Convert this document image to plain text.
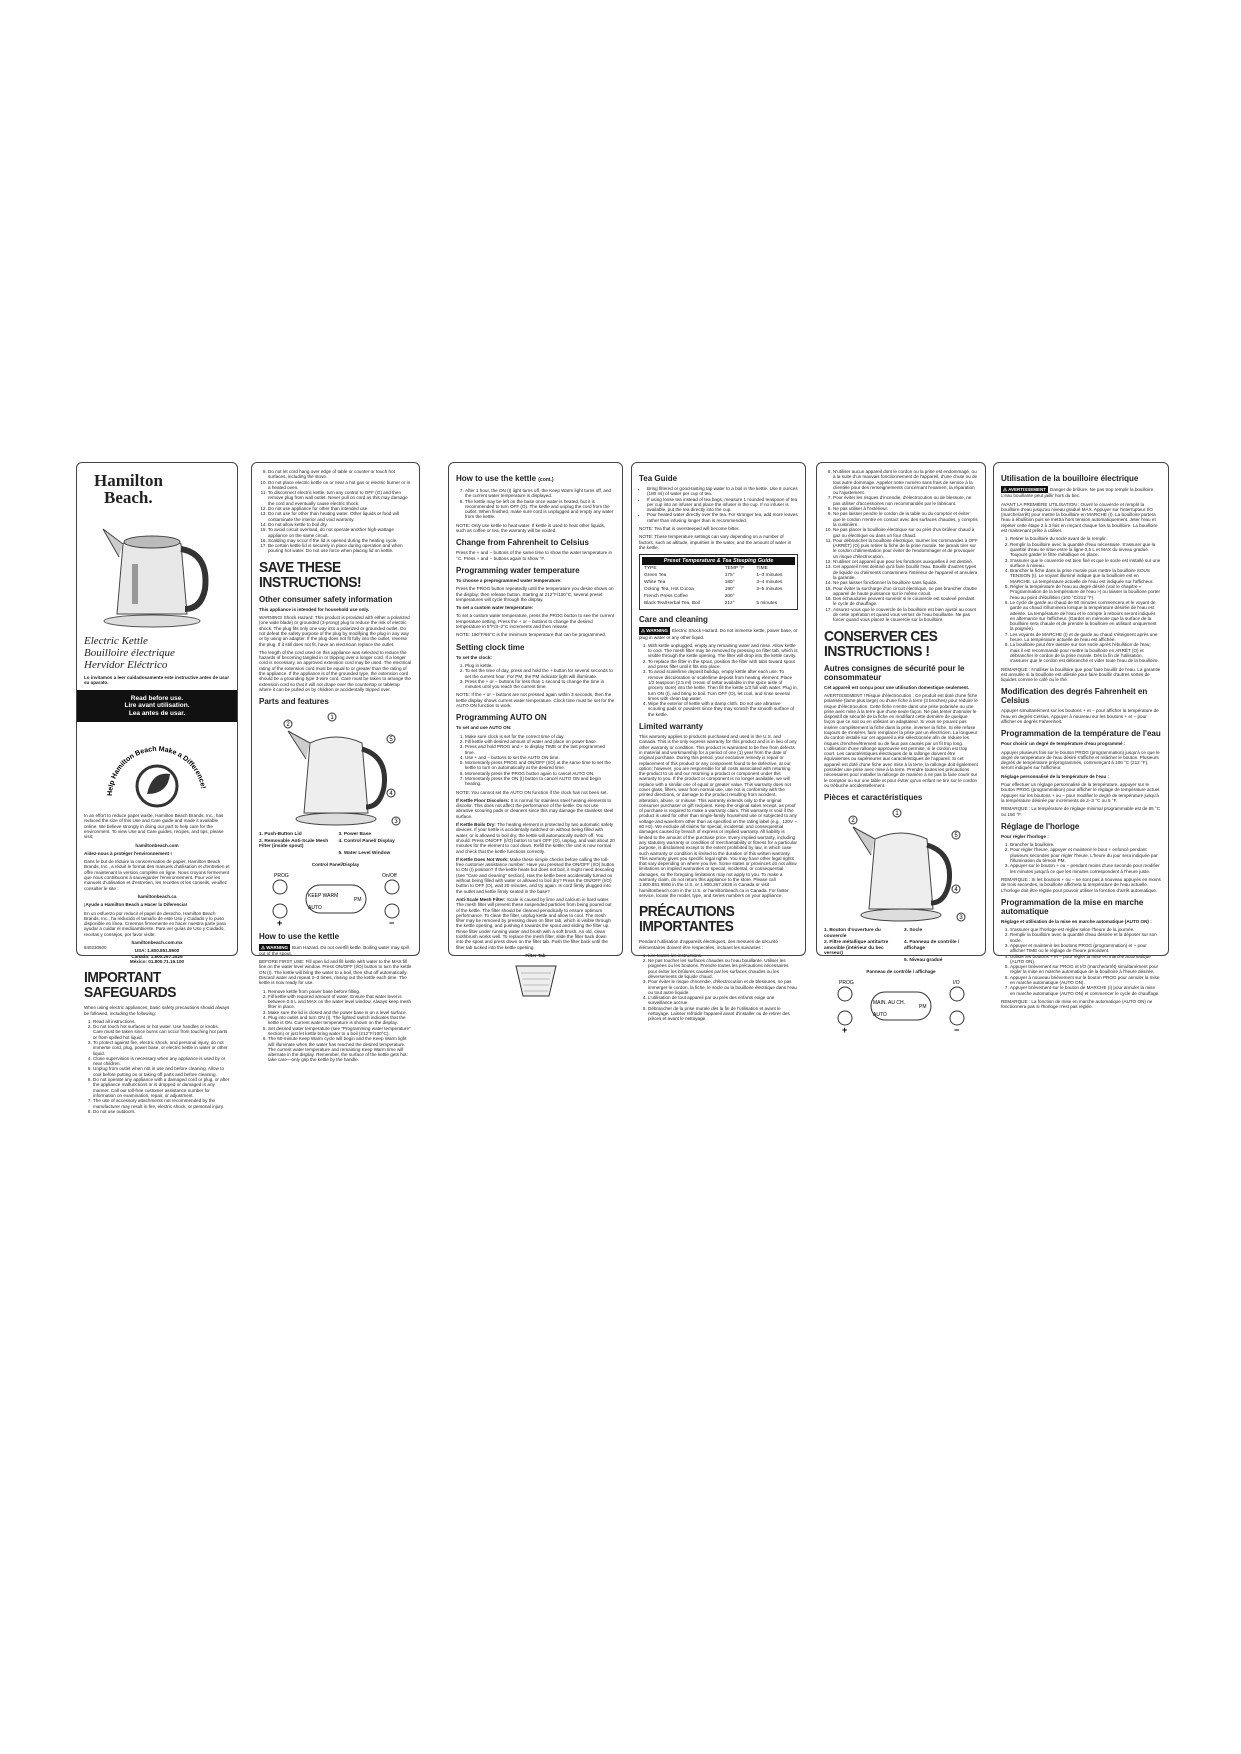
Hamilton
Beach.
Electric Kettle
Bouilloire électrique
Hervidor Eléctrico

Lo invitamos a leer cuidadosamente este instructive antes de usar su aparato.

Read before use.
Lire avant utilisation.
Lea antes de usar.
Help Hamilton Beach Make a Difference!

In an effort to reduce paper waste, Hamilton Beach Brands, Inc., has reduced the size of this Use and Care guide and made it available online. We believe strongly in doing our part to help care for the environment. To view Use and Care guides, recipes, and tips, please visit:

hamiltonbeach.com

Aidez-nous à protéger l'environnement !

Dans le but de réduire la consommation de papier, Hamilton Beach Brands, Inc., a réduit le format des manuels d'utilisation et d'entretien et offre maintenant la version complète en ligne. Nous croyons fermement que nous contribuons à sauvegarder l'environnement. Pour voir les manuels d'utilisation et d'entretien, les recettes et les conseils, veuillez consulter le site :

hamiltonbeach.ca

¡Ayude a Hamilton Beach a Hacer la Diferencia!

En un esfuerzo por reducir el papel de desecho, Hamilton Beach Brands, Inc., ha reducido el tamaño de este Uso y Cuidado y lo puso disponible en línea. Creemos firmemente en hacer nuestra parte para ayudar a cuidar el medioambiente. Para ver guías de Uso y Cuidado, recetas y consejos, por favor visite:

hamiltonbeach.com.mx

USA: 1.800.851.8900

Canada: 1.800.267.2826

México: 01.800.71.16.100

IMPORTANT SAFEGUARDS

When using electric appliances, basic safety precautions should always be followed, including the following:

1. Read all instructions.
2. Do not touch hot surfaces or hot water. Use handles or knobs. Care must be taken since burns can occur from touching hot parts or from spilled hot liquid.
3. To protect against fire, electric shock, and personal injury, do not immerse cord, plug, power base, or electric kettle in water or other liquid.
4. Close supervision is necessary when any appliance is used by or near children.
5. Unplug from outlet when not in use and before cleaning. Allow to cool before putting on or taking off parts and before cleaning.
6. Do not operate any appliance with a damaged cord or plug, or after the appliance malfunctions or is dropped or damaged in any manner. Call our toll-free customer assistance number for information on examination, repair, or adjustment.
7. The use of accessory attachments not recommended by the manufacturer may result in fire, electric shock, or personal injury.
8. Do not use outdoors.
840230600
9. Do not let cord hang over edge of table or counter or touch hot surfaces, including the stove.
10. Do not place electric kettle on or near a hot gas or electric burner or in a heated oven.
11. To disconnect electric kettle, turn any control to OFF (O) and then remove plug from wall outlet. Never pull on cord as this may damage the cord and eventually cause electric shock.
12. Do not use appliance for other than intended use.
13. Do not use for other than heating water. Other liquids or food will contaminate the interior and void warranty.
14. Do not allow kettle to boil dry.
15. To avoid circuit overload, do not operate another high-wattage appliance on the same circuit.
16. Scalding may occur if the lid is opened during the heating cycle.
17. Be certain kettle lid is securely in place during operation and when pouring hot water. Do not use force when placing lid on kettle.
SAVE THESE INSTRUCTIONS!
Other consumer safety information

This appliance is intended for household use only.

WARNING! Shock Hazard: This product is provided with either a polarized (one wide blade) or grounded (3-prong) plug to reduce the risk of electric shock. The plug fits only one way into a polarized or grounded outlet. Do not defeat the safety purpose of the plug by modifying the plug in any way or by using an adapter. If the plug does not fit fully into the outlet, reverse the plug. If it still does not fit, have an electrician replace the outlet.

The length of the cord used on this appliance was selected to reduce the hazards of becoming tangled in or tripping over a longer cord. If a longer cord is necessary, an approved extension cord may be used. The electrical rating of the extension cord must be equal to or greater than the rating of the appliance. If the appliance is of the grounded type, the extension cord should be a grounding type 3-wire cord. Care must be taken to arrange the extension cord so that it will not drape over the countertop or tabletop where it can be pulled on by children or accidentally tripped over.

Parts and features
1
2
5
4
3
1. Push-Button Lid	3. Power Base
2. Removable Anti-Scale Mesh Filter (inside spout)
4. Control Panel/ Display
5. Water Level Window
Control Panel/Display
PROG	On/Off
KEEP WARM
AUTO
PM
+	−
How to use the kettle

⚠ WARNING Burn Hazard. Do not overfill kettle. Boiling water may spill out of the spout.

BEFORE FIRST USE: Fill open lid and fill kettle with water to the MAX fill line on the water level window. Press ON/OFF (I/O) button to turn the kettle ON (I). The kettle will bring the water to a boil, then shut off automatically. Discard water and repeat 2–3 times, rinsing out the kettle each time. The kettle is now ready for use.

1. Remove kettle from power base before filling.
2. Fill kettle with required amount of water. Ensure that water level is between 0.5 L and MAX on the water level window. Always keep mesh filter in place.
3. Make sure the lid is closed and the power base is on a level surface.
4. Plug into outlet and turn ON (I). The lighted switch indicates that the kettle is ON. Current water temperature is shown on the display.
5. Set desired water temperature (see "Programming water temperature" section) or just let kettle bring water to a boil (212°F/100°C).
6. The 60-minute Keep Warm cycle will begin and the Keep Warm light will illuminate when the water has reached the desired temperature. The current water temperature and remaining Keep Warm time will alternate in the display. Remember, the surface of the kettle gets hot: take care—only grip the kettle by the handle.
How to use the kettle (cont.)
7. After 1 hour, the ON (I) light turns off, the Keep Warm light turns off, and the current water temperature is displayed.
8. The kettle may be left on the base once water is heated, but it is recommended to turn OFF (O). The kettle and unplug the cord from the outlet. When finished, make sure cord is unplugged and empty any water from the kettle.

NOTE: Only use kettle to heat water. If kettle is used to heat other liquids, such as coffee or tea, the warranty will be voided.

Change from Fahrenheit to Celsius

Press the + and − buttons of the same time to show the water temperature in °C. Press + and − buttons again to show °F.

Programming water temperature

To choose a preprogrammed water temperature:

Press the PROG button repeatedly until the temperature you desire shows on the display; then release button. Starting at 212°F/100°C, several preset temperatures will cycle through the display.

To set a custom water temperature:

To set a custom water temperature, press the PROG button to see the current temperature setting. Press the + or − buttons to change the desired temperature in 5°F/3–2°C increments and then release.

NOTE: 150°F/65°C is the minimum temperature that can be programmed.

Setting clock time

To set the clock:

1. Plug in kettle.
2. To set the time of day, press and hold the + button for several seconds to set the current hour. For PM, the PM indicator light will illuminate.
3. Press the + or − buttons for less than 1 second to change the time in minutes until you reach the current time.

NOTE: If the + or − buttons are not pressed again within 3 seconds, then the kettle display shows current water temperature. Clock time must be set for the AUTO ON function to work.

Programming AUTO ON

To set and use AUTO ON:

1. Make sure clock is set for the correct time of day.
2. Fill kettle with desired amount of water and place on power base.
3. Press and hold PROG and + to display TIME or the last programmed time.
4. Use + and − buttons to set the AUTO ON time.
5. Momentarily press PROG and ON/OFF (I/O) at the same time to set the kettle to turn on automatically at the desired time.
6. Momentarily press the PROG button again to cancel AUTO ON.
7. Momentarily press the ON (I) button to cancel AUTO ON and begin heating.

NOTE: You cannot set the AUTO ON function if the clock has not been set.

If Kettle Floor Discolors: It is normal for stainless steel heating elements to discolor. This does not affect the performance of the kettle. Do not use abrasive scouring pads or cleaners since this may damage the stainless steel surface.

If Kettle Boils Dry: The heating element is protected by two automatic safety devices. If your kettle is accidentally switched on without being filled with water, or is allowed to boil dry, the kettle will automatically switch off. You should: Press ON/OFF (I/O) button to turn OFF (O), unplug, and wait about 20 minutes for the element to cool down. Refill the kettle; the unit is now normal and check that the kettle functions correctly.

If Kettle Does Not Work: Make these simple checks before calling the toll-free customer assistance number: Have you pressed the ON/OFF (I/O) button to ON (I) position? If the kettle heats but does not boil, it might need descaling (see "Care and cleaning" section). Has the kettle been accidentally turned on without being filled with water or allowed to boil dry? Press the ON/OFF (I/O) button to OFF (O), wait 20 minutes, and try again. Is cord firmly plugged into the outlet and kettle firmly seated in the base?

Anti-Scale Mesh Filter: Scale is caused by lime and calcium in hard water. The mesh filter will prevent these suspended particles from being poured out of the kettle. The filter should be cleaned periodically to ensure optimum performance. To clean the filter, unplug kettle and allow to cool. The mesh filter may be removed by pressing down on filter tab, which is visible through the kettle opening, and pushing it towards the spout and sliding the filter up. Rinse filter under running water and brush with a soft brush. An old, clean toothbrush works well. To replace the mesh filter, slide the filter back down into the spout and press down on the filter tab. Push the filter back until the filter tab tucked into the kettle opening.

Filter Tab
Tea Guide
• Bring filtered or good-tasting tap water to a boil in the kettle. Use 6 ounces (180 ml) of water per cup of tea.
• If using loose tea instead of tea bags, measure 1 rounded teaspoon of tea per cup into an infuser and place the infuser in the cup. If no infuser is available, put the tea directly into the cup.
• Pour heated water directly over the tea. For stronger tea, add more leaves rather than infusing longer than is recommended.

NOTE: Tea that is oversteeped will become bitter.

NOTE: These temperature settings can vary depending on a number of factors, such as altitude, impurities in the water, and the amount of water in the kettle.

Preset Temperature & Tea Steeping Guide
TYPE	TEMP °F	TIME
Green Tea	175°	1–3 minutes
White Tea	180°	3–4 minutes
Oolong Tea, Hot Cocoa	190°	3–5 minutes
French Press Coffee	200°	
Black Tea/Herbal Tea, Boil	212°	5 minutes
Care and cleaning

⚠ WARNING Electric Shock Hazard. Do not immerse kettle, power base, or plug in water or any other liquid.

1. With kettle unplugged, empty any remaining water and rinse. Allow kettle to cool. The mesh filter may be removed by pressing on filter tab, which is visible through the kettle opening. The filter will drop into the kettle cavity.
2. To replace the filter in the spout, position the filter with tabs toward spout and press filter until it fits into place.
3. To avoid scale/lime deposit buildup, empty kettle after each use. To remove discoloration or scale/lime deposit from heating element: Place 1/2 teaspoon (2.5 ml) cream of tartar available in the spice aisle of grocery store) into the kettle. Then fill the kettle 1/3 full with water. Plug in, turn ON (I), and bring to boil. Turn OFF (O), let cool, and rinse several times with clean tap water.
4. Wipe the exterior of kettle with a damp cloth. Do not use abrasive scouring pads or powders since they may scratch the smooth surface of the kettle.
Limited warranty

This warranty applies to products purchased and used in the U.S. and Canada. This is the only express warranty for this product and is in lieu of any other warranty or condition. This product is warranted to be free from defects in material and workmanship for a period of one (1) year from the date of original purchase. During this period, your exclusive remedy is repair or replacement of this product or any component found to be defective, at our option; however, you are responsible for all costs associated with returning the product to us and our returning a product or component under this warranty to you. If the product or component is no longer available, we will replace with a similar one of equal or greater value. This warranty does not cover glass, filters, wear from normal use, use not in conformity with the printed directions, or damage to the product resulting from accident, alteration, abuse, or misuse. This warranty extends only to the original consumer purchaser or gift recipient. Keep the original sales receipt, as proof of purchase is required to make a warranty claim. This warranty is void if the product is used for other than single-family household use or subjected to any voltage and waveform other than as specified on the rating label (e.g., 120V ~ 60 Hz). We exclude all claims for special, incidental, and consequential damages caused by breach of express or implied warranty. All liability is limited to the amount of the purchase price. Every implied warranty, including any statutory warranty or condition of merchantability or fitness for a particular purpose, is disclaimed except to the extent prohibited by law, in which case such warranty or condition is limited to the duration of this written warranty. This warranty gives you specific legal rights. You may have other legal rights that vary depending on where you live. Some states or provinces do not allow limitations on implied warranties or special, incidental, or consequential damages, so the foregoing limitations may not apply to you. To make a warranty claim, do not return this appliance to the store. Please call 1.800.851.8900 in the U.S. or 1.800.267.2826 in Canada or visit hamiltonbeach.com in the U.S. or hamiltonbeach.ca in Canada. For faster service, locate the model, type, and series numbers on your appliance.

PRÉCAUTIONS IMPORTANTES

Pendant l'utilisation d'appareils électriques, des mesures de sécurité élémentaires doivent être respectées, incluant les suivantes :

1. Lire toutes les instructions.
2. Ne pas toucher les surfaces chaudes ou l'eau bouillante. Utiliser les poignées ou les boutons. Prendre toutes les précautions nécessaires pour éviter les brûlures causées par les surfaces chaudes ou les déversements de liquide chaud.
3. Pour éviter le risque d'incendie, d'électrocution et de blessures, ne pas immerger le cordon, la fiche, le socle ou la bouilloire électrique dans l'eau ou tout autre liquide.
4. L'utilisation de tout appareil par ou près des enfants exige une surveillance accrue.
5. Débrancher de la prise murale dès la fin de l'utilisation et avant le nettoyage. Laisser refroidir l'appareil avant d'installer ou de retirer des pièces et avant le nettoyage.
6. N'utiliser aucun appareil dont le cordon ou la prise est endommagé, ou à la suite d'un mauvais fonctionnement de l'appareil, d'une chute ou de tout autre dommage. Appeler notre numéro sans frais de service à la clientèle pour des renseignements concernant l'examen, la réparation ou l'ajustement.
7. Pour éviter les risques d'incendie, d'électrocution ou de blessure, ne pas utiliser d'accessoires non recommandés par le fabricant.
8. Ne pas utiliser à l'extérieur.
9. Ne pas laisser pendre le cordon de la table ou du comptoir et éviter que le cordon n'entre en contact avec des surfaces chaudes, y compris la cuisinière.
10. Ne pas placer la bouilloire électrique sur ou près d'un brûleur chaud à gaz ou électrique ou dans un four chaud.
11. Pour débrancher la bouilloire électrique, tourner les commandes à OFF (ARRÊT) (O) puis retirer la fiche de la prise murale. Ne jamais tirer sur le cordon d'alimentation pour éviter de l'endommager et de provoquer un risque d'électrocution.
12. N'utiliser cet appareil que pour les fonctions auxquelles il est destiné.
13. Cet appareil n'est destiné qu'à faire bouillir l'eau. Bouillir d'autres types de liquide ou d'aliments contaminera l'intérieur de l'appareil et annulera la garantie.
14. Ne pas laisser fonctionner la bouilloire sans liquide.
15. Pour éviter la surcharge d'un circuit électrique, ne pas brancher d'autre appareil de haute puissance sur le même circuit.
16. Des échaudures peuvent survenir si le couvercle est soulevé pendant le cycle de chauffage.
17. Assurez-vous que le couvercle de la bouilloire est bien ajusté au cours de cette opération et quand vous versez de l'eau bouillante. Ne pas forcer quand vous placez le couvercle sur la bouilloire.
CONSERVER CES INSTRUCTIONS !
Autres consignes de sécurité pour le consommateur

Cet appareil est conçu pour une utilisation domestique seulement.

AVERTISSEMENT ! Risque d'électrocution : Ce produit est doté d'une fiche polarisée (lame plus large) ou d'une fiche à terre (3 broches) pour réduire le risque d'électrocution. Cette fiche n'entre dans une prise polarisée ou une prise avec mise à la terre que d'une seule façon. Ne pas tenter d'annuler le dispositif de sécurité de la fiche en modifiant cette dernière de quelque façon que ce soit ou en utilisant un adaptateur. Si vous ne pouvez pas insérer complètement la fiche dans la prise, inverser la fiche. Si elle refuse toujours de s'insérer, faire remplacer la prise par un électricien. La longueur du cordon installé sur cet appareil a été sélectionnée afin de réduire les risques d'enchevêtrement ou de faux pas causés par un fil trop long. L'utilisation d'une rallonge approuvée est permise, si le cordon est trop court. Les caractéristiques électriques de la rallonge doivent être équivalentes ou supérieures aux caractéristiques de l'appareil. Si cet appareil est doté d'une fiche avec mise à la terre, la rallonge doit également posséder une prise avec mise à la terre. Prendre toutes les précautions nécessaires pour installer la rallonge de manière à ne pas la faire courir sur le comptoir ou sur une table et pour éviter qu'un enfant ne tire sur le cordon ou trébuche accidentellement.

Pièces et caractéristiques
1
2
5
4
3
1. Bouton d'ouverture du couvercle
3. Socle
2. Filtre métallique antitartre amovible (intérieur du bec verseur)
4. Panneau de contrôle / affichage
5. Niveau gradué
Panneau de contrôle / affichage
PROG	I/O
MAIN. AU CH.
AUTO
PM
+	−
Utilisation de la bouilloire électrique

⚠ AVERTISSEMENT Danger de brûlure. Ne pas trop remplir la bouilloire. L'eau bouillante peut jaillir hors du bec.

AVANT LA PREMIÈRE UTILISATION : Ouvrir le couvercle et remplir la bouilloire d'eau jusqu'au niveau gradué MAX. Appuyer sur l'interrupteur I/O (marche/arrêt) pour mettre la bouilloire en MARCHE (I). La bouilloire portera l'eau à ébullition puis se mettra hors tension automatiquement. Jeter l'eau et répéter cette étape 2 à 3 fois en rinçant chaque fois la bouilloire. La bouilloire est maintenant prête à utiliser.

1. Retirer la bouilloire du socle avant de la remplir.
2. Remplir la bouilloire avec la quantité d'eau nécessaire. S'assurer que la quantité d'eau se situe entre la ligne 0,5 L et MAX du niveau gradué. Toujours garder le filtre métallique en place.
3. S'assurer que le couvercle est bien fixé et que le socle est installé sur une surface à niveau.
4. Brancher la fiche dans la prise murale puis mettre la bouilloire SOUS TENSION (I). Le voyant illuminé indique que la bouilloire est en MARCHE. La température actuelle de l'eau est indiquée sur l'afficheur.
5. Régler la température de l'eau au degré désiré (voir le chapitre « Programmation de la température de l'eau ») ou laisser la bouilloire porter l'eau au point d'ébullition (100 °C/212 °F).
6. Le cycle de garde au chaud de 60 minutes commencera et le voyant de garde au chaud s'illuminera lorsque la température désirée de l'eau est atteinte. La température de l'eau et le compte à rebours seront indiqués en alternance sur l'afficheur. (Garder en mémoire que la surface de la bouilloire sera chaude et de prendre la bouilloire en utilisant uniquement la poignée).
7. Les voyants de MARCHE (I) et de garde au chaud s'éteignent après une heure. La température actuelle de l'eau est affichée.
8. La bouilloire peut être laissée sur son socle après l'ébullition de l'eau; mais il est recommandé pour mettre la bouilloire en ARRÊT (O) et débrancher le cordon de la prise murale. Dès la fin de l'utilisation, s'assurer que le cordon est débranché et vider toute l'eau de la bouilloire.

REMARQUE : N'utiliser la bouilloire que pour faire bouillir de l'eau. La garantie est annulée si la bouilloire est utilisée pour faire bouillir d'autres sortes de liquides comme le café ou le thé.

Modification des degrés Fahrenheit en Celsius

Appuyer simultanément sur les boutons + et − pour afficher la température de l'eau en degrés Celsius. Appuyer à nouveau sur les boutons + et − pour afficher en degrés Fahrenheit.

Programmation de la température de l'eau

Pour choisir un degré de température d'eau programmé :

Appuyer plusieurs fois sur le bouton PROG (programmation) jusqu'à ce que le degré de température de l'eau désiré s'affiche et relâcher le bouton. Plusieurs degrés de température préprogrammés, commençant à 100 °C (212 °F), seront indiqués sur l'afficheur.

Réglage personnalisé de la température de l'eau :

Pour effectuer un réglage personnalisé de la température, appuyer sur le bouton PROG (programmation) pour afficher le réglage de température actuel. Appuyer sur les boutons + ou − pour modifier le degré de température jusqu'à la température désirée par incréments de 2–3 °C ou 5 °F.

REMARQUE : La température de réglage minimal programmable est de 65 °C ou 150 °F.

Réglage de l'horloge

Pour régler l'horloge :

1. Brancher la bouilloire.
2. Pour régler l'heure, appuyer et maintenir le bout + enfoncé pendant plusieurs secondes pour régler l'heure. L'heure du jour sera indiquée par l'illumination du témoin PM.
3. Appuyer sur le bouton + ou − pendant moins d'une seconde pour modifier les minutes jusqu'à ce que les minutes correspondent à l'heure juste.

REMARQUE : Si les boutons + ou − ne sont pas à nouveau appuyés en moins de trois secondes, la bouilloire affichera la température de l'eau actuelle. L'horloge doit être réglée pour pouvoir utiliser la fonction d'arrêt automatique.

Programmation de la mise en marche automatique

Réglage et utilisation de la mise en marche automatique (AUTO ON) :

1. S'assurer que l'horloge est réglée selon l'heure de la journée.
2. Remplir la bouilloire avec la quantité d'eau désirée et la déposer sur son socle.
3. Appuyer et maintenir les boutons PROG (programmation) et + pour afficher TIME ou le réglage de l'heure précédent.
4. Utiliser les boutons + et − pour régler la mise en marche automatique (AUTO ON).
5. Appuyer brièvement sur PROG et I/O (marche/arrêt) simultanément pour régler la mise en marche automatique de la bouilloire à l'heure désirée.
6. Appuyer à nouveau brièvement sur le bouton PROG pour annuler la mise en marche automatique (AUTO ON).
7. Appuyer brièvement sur le bouton de MARCHE (I) pour annuler la mise en marche automatique (AUTO ON) et commencer le cycle de chauffage.

REMARQUE : La fonction de mise en marche automatique (AUTO ON) ne fonctionnera pas si l'horloge n'est pas réglée.
